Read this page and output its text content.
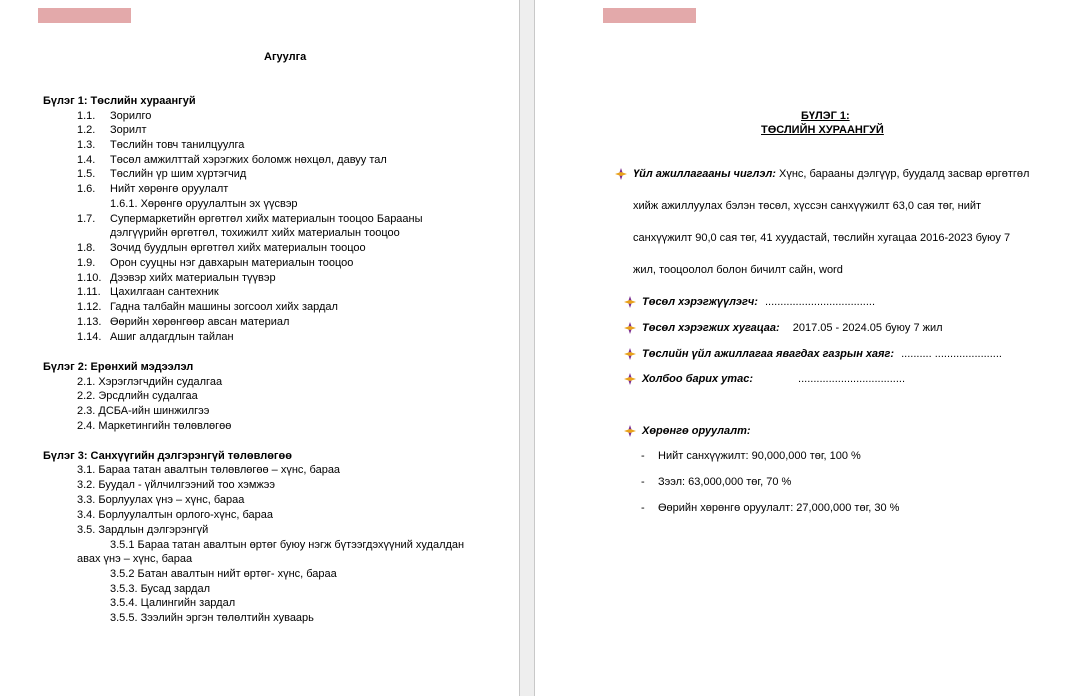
Агуулга
Бүлэг 1: Төслийн хураангуй
1.1. Зорилго
1.2. Зорилт
1.3. Төслийн товч танилцуулга
1.4. Төсөл амжилттай хэрэгжих боломж нөхцөл, давуу тал
1.5. Төслийн үр шим хүртэгчид
1.6. Нийт хөрөнгө оруулалт
1.6.1. Хөрөнгө оруулалтын эх үүсвэр
1.7. Супермаркетийн өргөтгөл хийх материалын тооцоо Барааны
дэлгүүрийн өргөтгөл, тохижилт хийх материалын тооцоо
1.8. Зочид буудлын өргөтгөл хийх материалын тооцоо
1.9. Орон сууцны нэг давхарын материалын тооцоо
1.10. Дээвэр хийх материалын түүвэр
1.11. Цахилгаан сантехник
1.12. Гадна талбайн машины зогсоол хийх зардал
1.13. Өөрийн хөрөнгөөр авсан материал
1.14. Ашиг алдагдлын тайлан
Бүлэг 2: Ерөнхий мэдээлэл
2.1. Хэрэглэгчдийн судалгаа
2.2. Эрсдлийн судалгаа
2.3. ДСБА-ийн шинжилгээ
2.4. Маркетингийн төлөвлөгөө
Бүлэг 3: Санхүүгийн дэлгэрэнгүй төлөвлөгөө
3.1. Бараа татан авалтын төлөвлөгөө – хүнс, бараа
3.2. Буудал - үйлчилгээний тоо хэмжээ
3.3. Борлуулах үнэ – хүнс, бараа
3.4. Борлуулалтын орлого-хүнс, бараа
3.5. Зардлын дэлгэрэнгүй
3.5.1 Бараа татан авалтын өртөг буюу нэгж бүтээгдэхүүний худалдан
авах үнэ – хүнс, бараа
3.5.2 Батан авалтын нийт өртөг- хүнс, бараа
3.5.3. Бусад зардал
3.5.4. Цалингийн зардал
3.5.5. Зээлийн эргэн төлөлтийн хуваарь
БҮЛЭГ 1:
ТӨСЛИЙН ХУРААНГУЙ
Үйл ажиллагааны чиглэл: Хүнс, барааны дэлгүүр, буудалд засвар өргөтгөл
хийж ажиллуулах бэлэн төсөл, хүссэн санхүүжилт 63,0 сая төг, нийт
санхүүжилт 90,0 сая төг, 41 хуудастай, төслийн хугацаа 2016-2023 буюу 7
жил, тооцоолол болон бичилт сайн, word
Төсөл хэрэгжүүлэгч: ....................................
Төсөл хэрэгжих хугацаа: 2017.05 - 2024.05 буюу 7 жил
Төслийн үйл ажиллагаа явагдах газрын хаяг: .......... ......................
Холбоо барих утас:	...................................
Хөрөнгө оруулалт:
- Нийт санхүүжилт: 90,000,000 төг, 100 %
- Зээл: 63,000,000 төг, 70 %
- Өөрийн хөрөнгө оруулалт: 27,000,000 төг, 30 %
